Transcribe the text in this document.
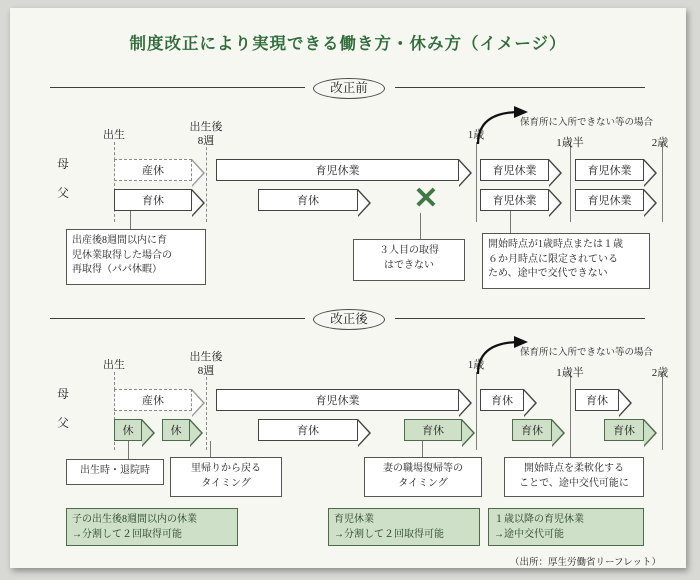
制度改正により実現できる働き方・休み方（イメージ）
改正前
出生
出生後
8週	1歳
1歳半	2歳
保育所に入所できない等の場合
母
父
産休	育児休業	育児休業	育児休業
育休	育休	✕	育児休業	育児休業
出産後8週間以内に育
児休業取得した場合の
再取得（パパ休暇）
３人目の取得
はできない
開始時点が1歳時点または１歳
６か月時点に限定されている
ため、途中で交代できない
改正後
出生
出生後
8週	1歳
1歳半	2歳
保育所に入所できない等の場合
母
父
産休	育児休業	育休	育休
休	休	育休	育休	育休	育休
出生時・退院時	里帰りから戻る
タイミング
妻の職場復帰等の
タイミング
開始時点を柔軟化する
ことで、途中交代可能に
子の出生後8週間以内の休業
→分割して２回取得可能
育児休業
→分割して２回取得可能
１歳以降の育児休業
→途中交代可能
（出所：厚生労働省リーフレット）
